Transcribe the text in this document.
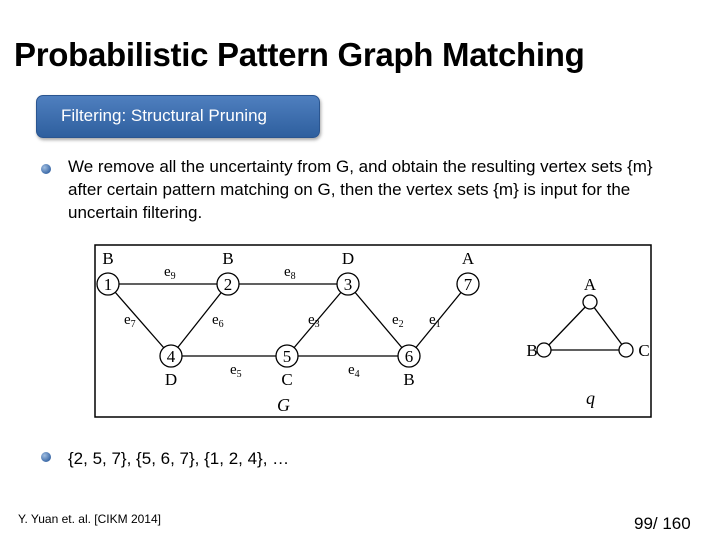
Probabilistic Pattern Graph Matching
Filtering: Structural Pruning
We remove all the uncertainty from G, and obtain the resulting vertex sets {m} after certain pattern matching on G, then the vertex sets {m} is input for the uncertain filtering.
$e_9$	$e_8$
$e_7$	$e_6$	$e_3$	$e_2$ $e_1$
$e_5$	$e_4$
1
B
2
B
3
D
7
A
4
D
5
C
6
B
G
A
B	C
q
{2, 5, 7}, {5, 6, 7}, {1, 2, 4}, …
Y. Yuan et. al. [CIKM 2014]	99/ 160
